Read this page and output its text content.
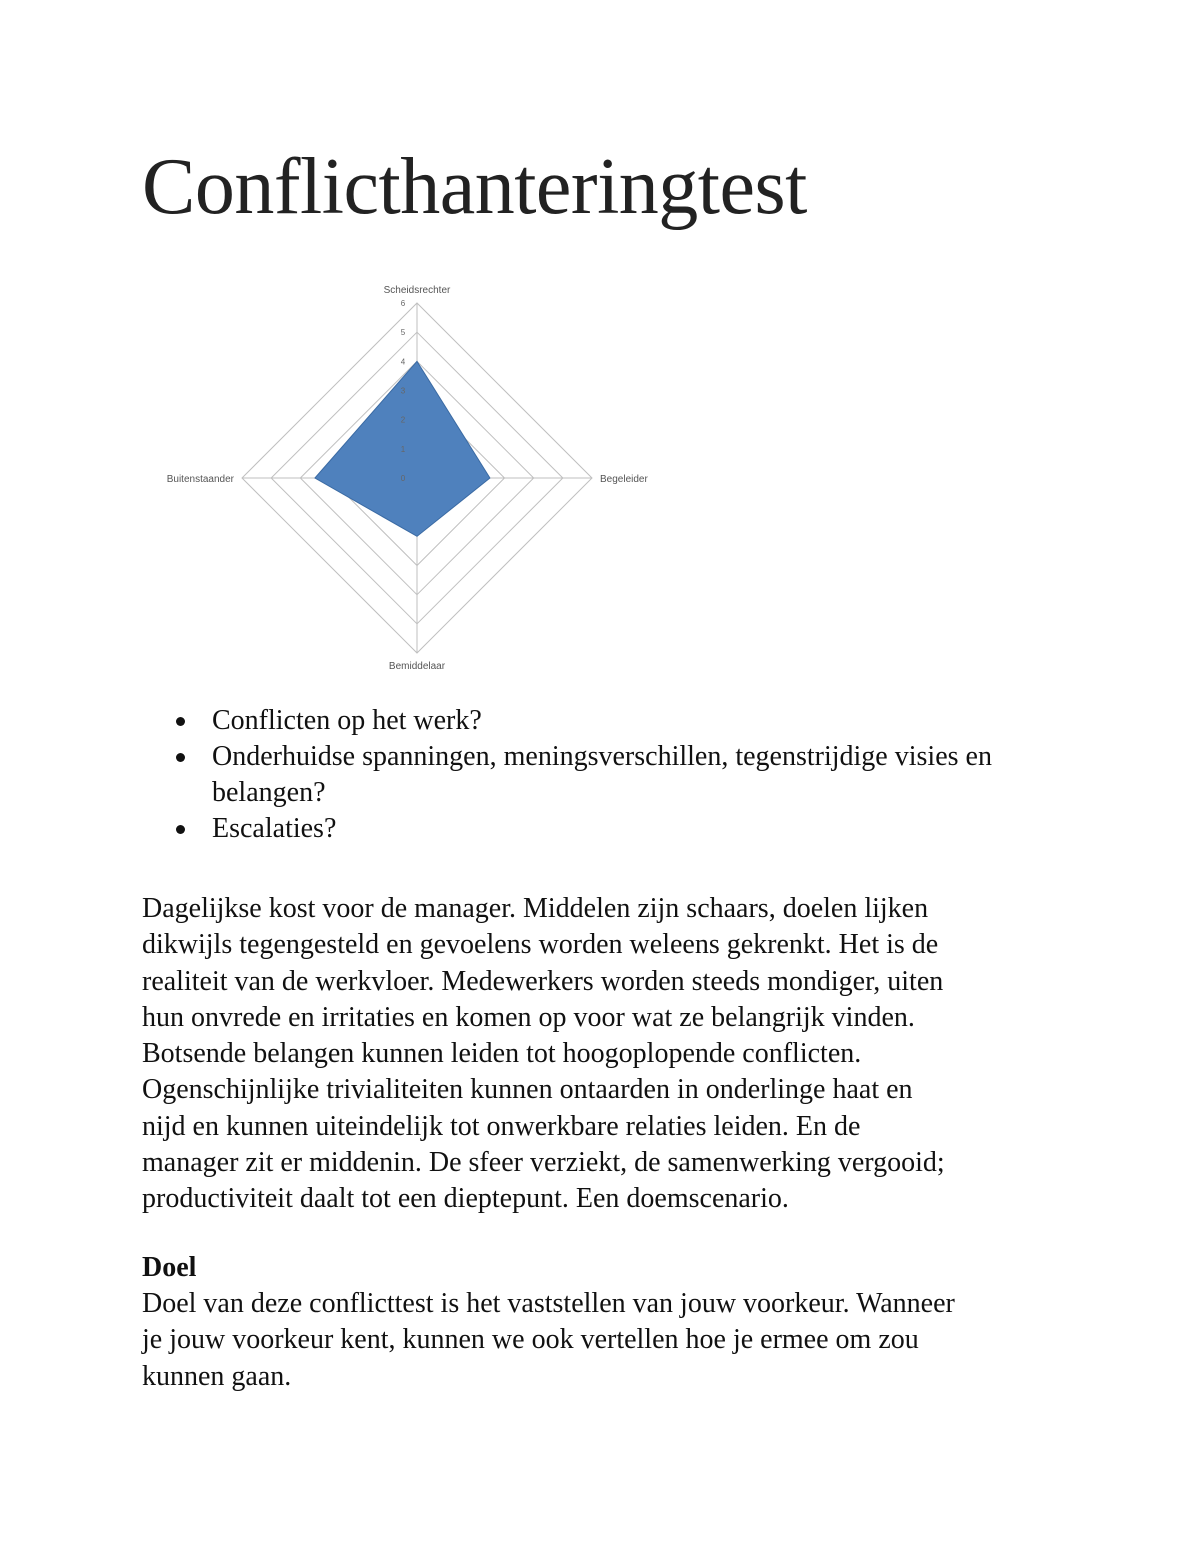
Conflicthanteringtest
0
1
2
3
4
5
6
Scheidsrechter
Begeleider
Bemiddelaar
Buitenstaander
Conflicten op het werk?
Onderhuidse spanningen, meningsverschillen, tegenstrijdige visies en belangen?
Escalaties?

Dagelijkse kost voor de manager. Middelen zijn schaars, doelen lijken
dikwijls tegengesteld en gevoelens worden weleens gekrenkt. Het is de
realiteit van de werkvloer. Medewerkers worden steeds mondiger, uiten
hun onvrede en irritaties en komen op voor wat ze belangrijk vinden.
Botsende belangen kunnen leiden tot hoogoplopende conflicten.
Ogenschijnlijke trivialiteiten kunnen ontaarden in onderlinge haat en
nijd en kunnen uiteindelijk tot onwerkbare relaties leiden. En de
manager zit er middenin. De sfeer verziekt, de samenwerking vergooid;
productiviteit daalt tot een dieptepunt. Een doemscenario.

Doel

Doel van deze conflicttest is het vaststellen van jouw voorkeur. Wanneer
je jouw voorkeur kent, kunnen we ook vertellen hoe je ermee om zou
kunnen gaan.
